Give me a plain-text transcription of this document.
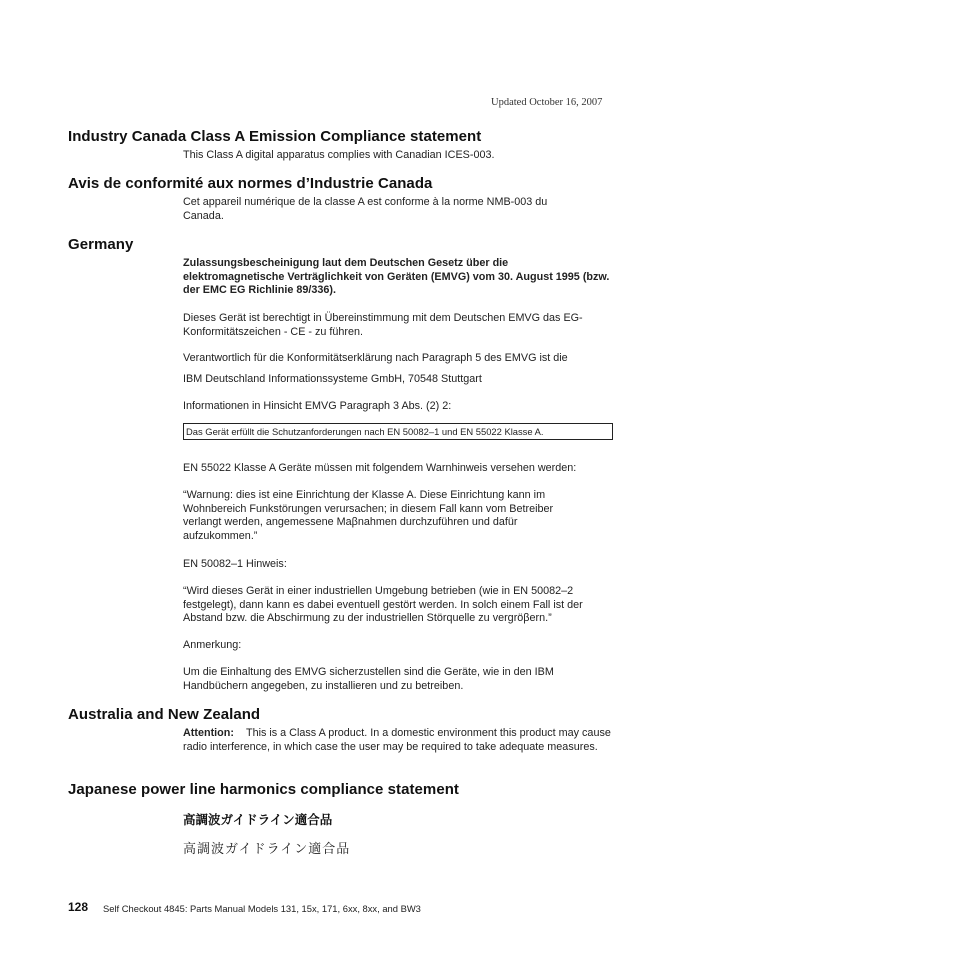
Updated October 16, 2007
Industry Canada Class A Emission Compliance statement
This Class A digital apparatus complies with Canadian ICES-003.
Avis de conformité aux normes d’Industrie Canada
Cet appareil numérique de la classe A est conforme à la norme NMB-003 du Canada.
Germany
Zulassungsbescheinigung laut dem Deutschen Gesetz über die elektromagnetische Verträglichkeit von Geräten (EMVG) vom 30. August 1995 (bzw. der EMC EG Richlinie 89/336).
Dieses Gerät ist berechtigt in Übereinstimmung mit dem Deutschen EMVG das EG-Konformitätszeichen - CE - zu führen.
Verantwortlich für die Konformitätserklärung nach Paragraph 5 des EMVG ist die
IBM Deutschland Informationssysteme GmbH, 70548 Stuttgart
Informationen in Hinsicht EMVG Paragraph 3 Abs. (2) 2:
Das Gerät erfüllt die Schutzanforderungen nach EN 50082–1 und EN 55022 Klasse A.
EN 55022 Klasse A Geräte müssen mit folgendem Warnhinweis versehen werden:
“Warnung: dies ist eine Einrichtung der Klasse A. Diese Einrichtung kann im Wohnbereich Funkstörungen verursachen; in diesem Fall kann vom Betreiber verlangt werden, angemessene Maβnahmen durchzuführen und dafür aufzukommen.”
EN 50082–1 Hinweis:
“Wird dieses Gerät in einer industriellen Umgebung betrieben (wie in EN 50082–2 festgelegt), dann kann es dabei eventuell gestört werden. In solch einem Fall ist der Abstand bzw. die Abschirmung zu der industriellen Störquelle zu vergröβern.”
Anmerkung:
Um die Einhaltung des EMVG sicherzustellen sind die Geräte, wie in den IBM Handbüchern angegeben, zu installieren und zu betreiben.
Australia and New Zealand
Attention: This is a Class A product. In a domestic environment this product may cause radio interference, in which case the user may be required to take adequate measures.
Japanese power line harmonics compliance statement
高調波ガイドライン適合品
高調波ガイドライン適合品
128 Self Checkout 4845: Parts Manual Models 131, 15x, 171, 6xx, 8xx, and BW3
